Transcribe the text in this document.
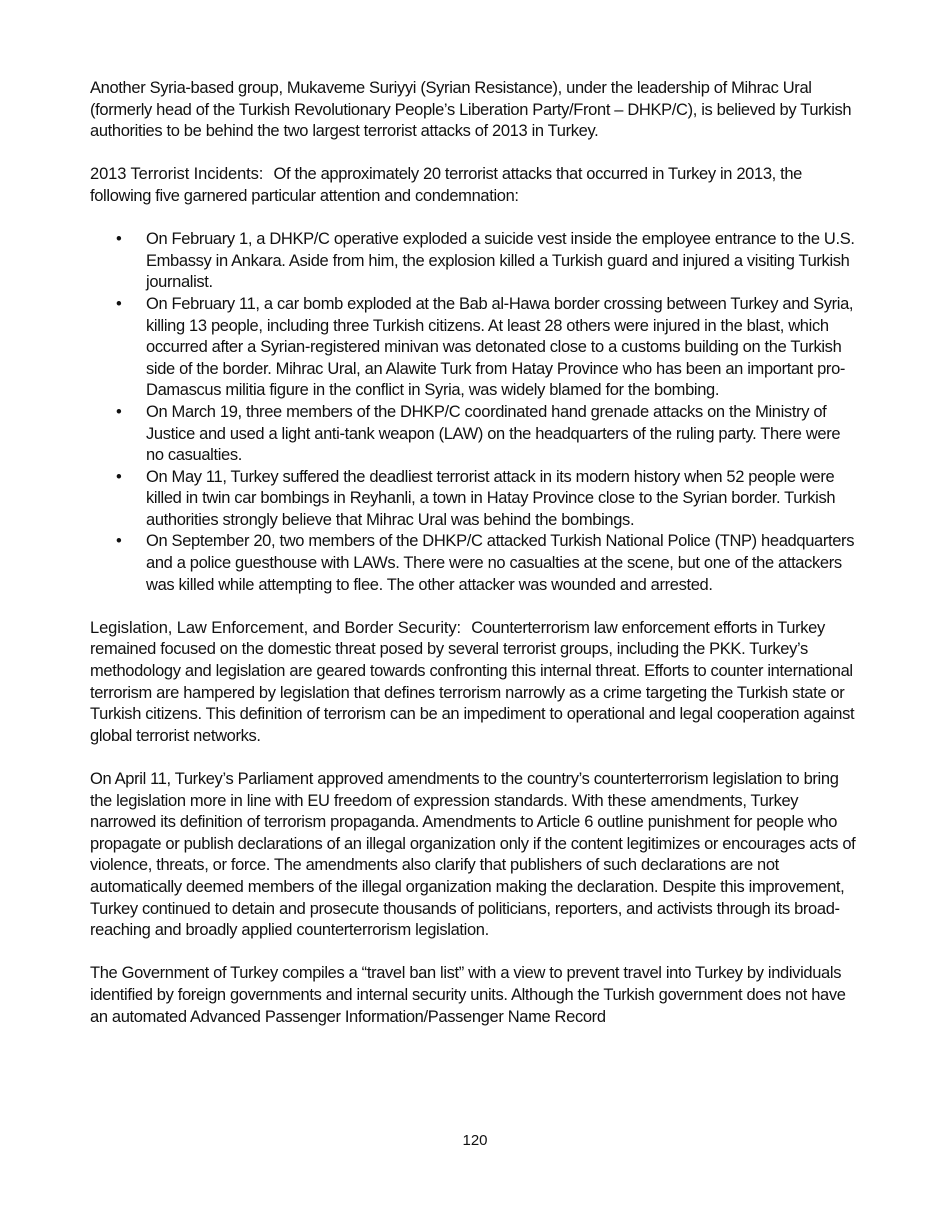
Another Syria-based group, Mukaveme Suriyyi (Syrian Resistance), under the leadership of Mihrac Ural (formerly head of the Turkish Revolutionary People’s Liberation Party/Front – DHKP/C), is believed by Turkish authorities to be behind the two largest terrorist attacks of 2013 in Turkey.

2013 Terrorist Incidents: Of the approximately 20 terrorist attacks that occurred in Turkey in 2013, the following five garnered particular attention and condemnation:

• On February 1, a DHKP/C operative exploded a suicide vest inside the employee entrance to the U.S. Embassy in Ankara. Aside from him, the explosion killed a Turkish guard and injured a visiting Turkish journalist.
• On February 11, a car bomb exploded at the Bab al-Hawa border crossing between Turkey and Syria, killing 13 people, including three Turkish citizens. At least 28 others were injured in the blast, which occurred after a Syrian-registered minivan was detonated close to a customs building on the Turkish side of the border. Mihrac Ural, an Alawite Turk from Hatay Province who has been an important pro-Damascus militia figure in the conflict in Syria, was widely blamed for the bombing.
• On March 19, three members of the DHKP/C coordinated hand grenade attacks on the Ministry of Justice and used a light anti-tank weapon (LAW) on the headquarters of the ruling party. There were no casualties.
• On May 11, Turkey suffered the deadliest terrorist attack in its modern history when 52 people were killed in twin car bombings in Reyhanli, a town in Hatay Province close to the Syrian border. Turkish authorities strongly believe that Mihrac Ural was behind the bombings.
• On September 20, two members of the DHKP/C attacked Turkish National Police (TNP) headquarters and a police guesthouse with LAWs. There were no casualties at the scene, but one of the attackers was killed while attempting to flee. The other attacker was wounded and arrested.

Legislation, Law Enforcement, and Border Security: Counterterrorism law enforcement efforts in Turkey remained focused on the domestic threat posed by several terrorist groups, including the PKK. Turkey’s methodology and legislation are geared towards confronting this internal threat. Efforts to counter international terrorism are hampered by legislation that defines terrorism narrowly as a crime targeting the Turkish state or Turkish citizens. This definition of terrorism can be an impediment to operational and legal cooperation against global terrorist networks.

On April 11, Turkey’s Parliament approved amendments to the country’s counterterrorism legislation to bring the legislation more in line with EU freedom of expression standards. With these amendments, Turkey narrowed its definition of terrorism propaganda. Amendments to Article 6 outline punishment for people who propagate or publish declarations of an illegal organization only if the content legitimizes or encourages acts of violence, threats, or force. The amendments also clarify that publishers of such declarations are not automatically deemed members of the illegal organization making the declaration. Despite this improvement, Turkey continued to detain and prosecute thousands of politicians, reporters, and activists through its broad-reaching and broadly applied counterterrorism legislation.

The Government of Turkey compiles a “travel ban list” with a view to prevent travel into Turkey by individuals identified by foreign governments and internal security units. Although the Turkish government does not have an automated Advanced Passenger Information/Passenger Name Record

120
